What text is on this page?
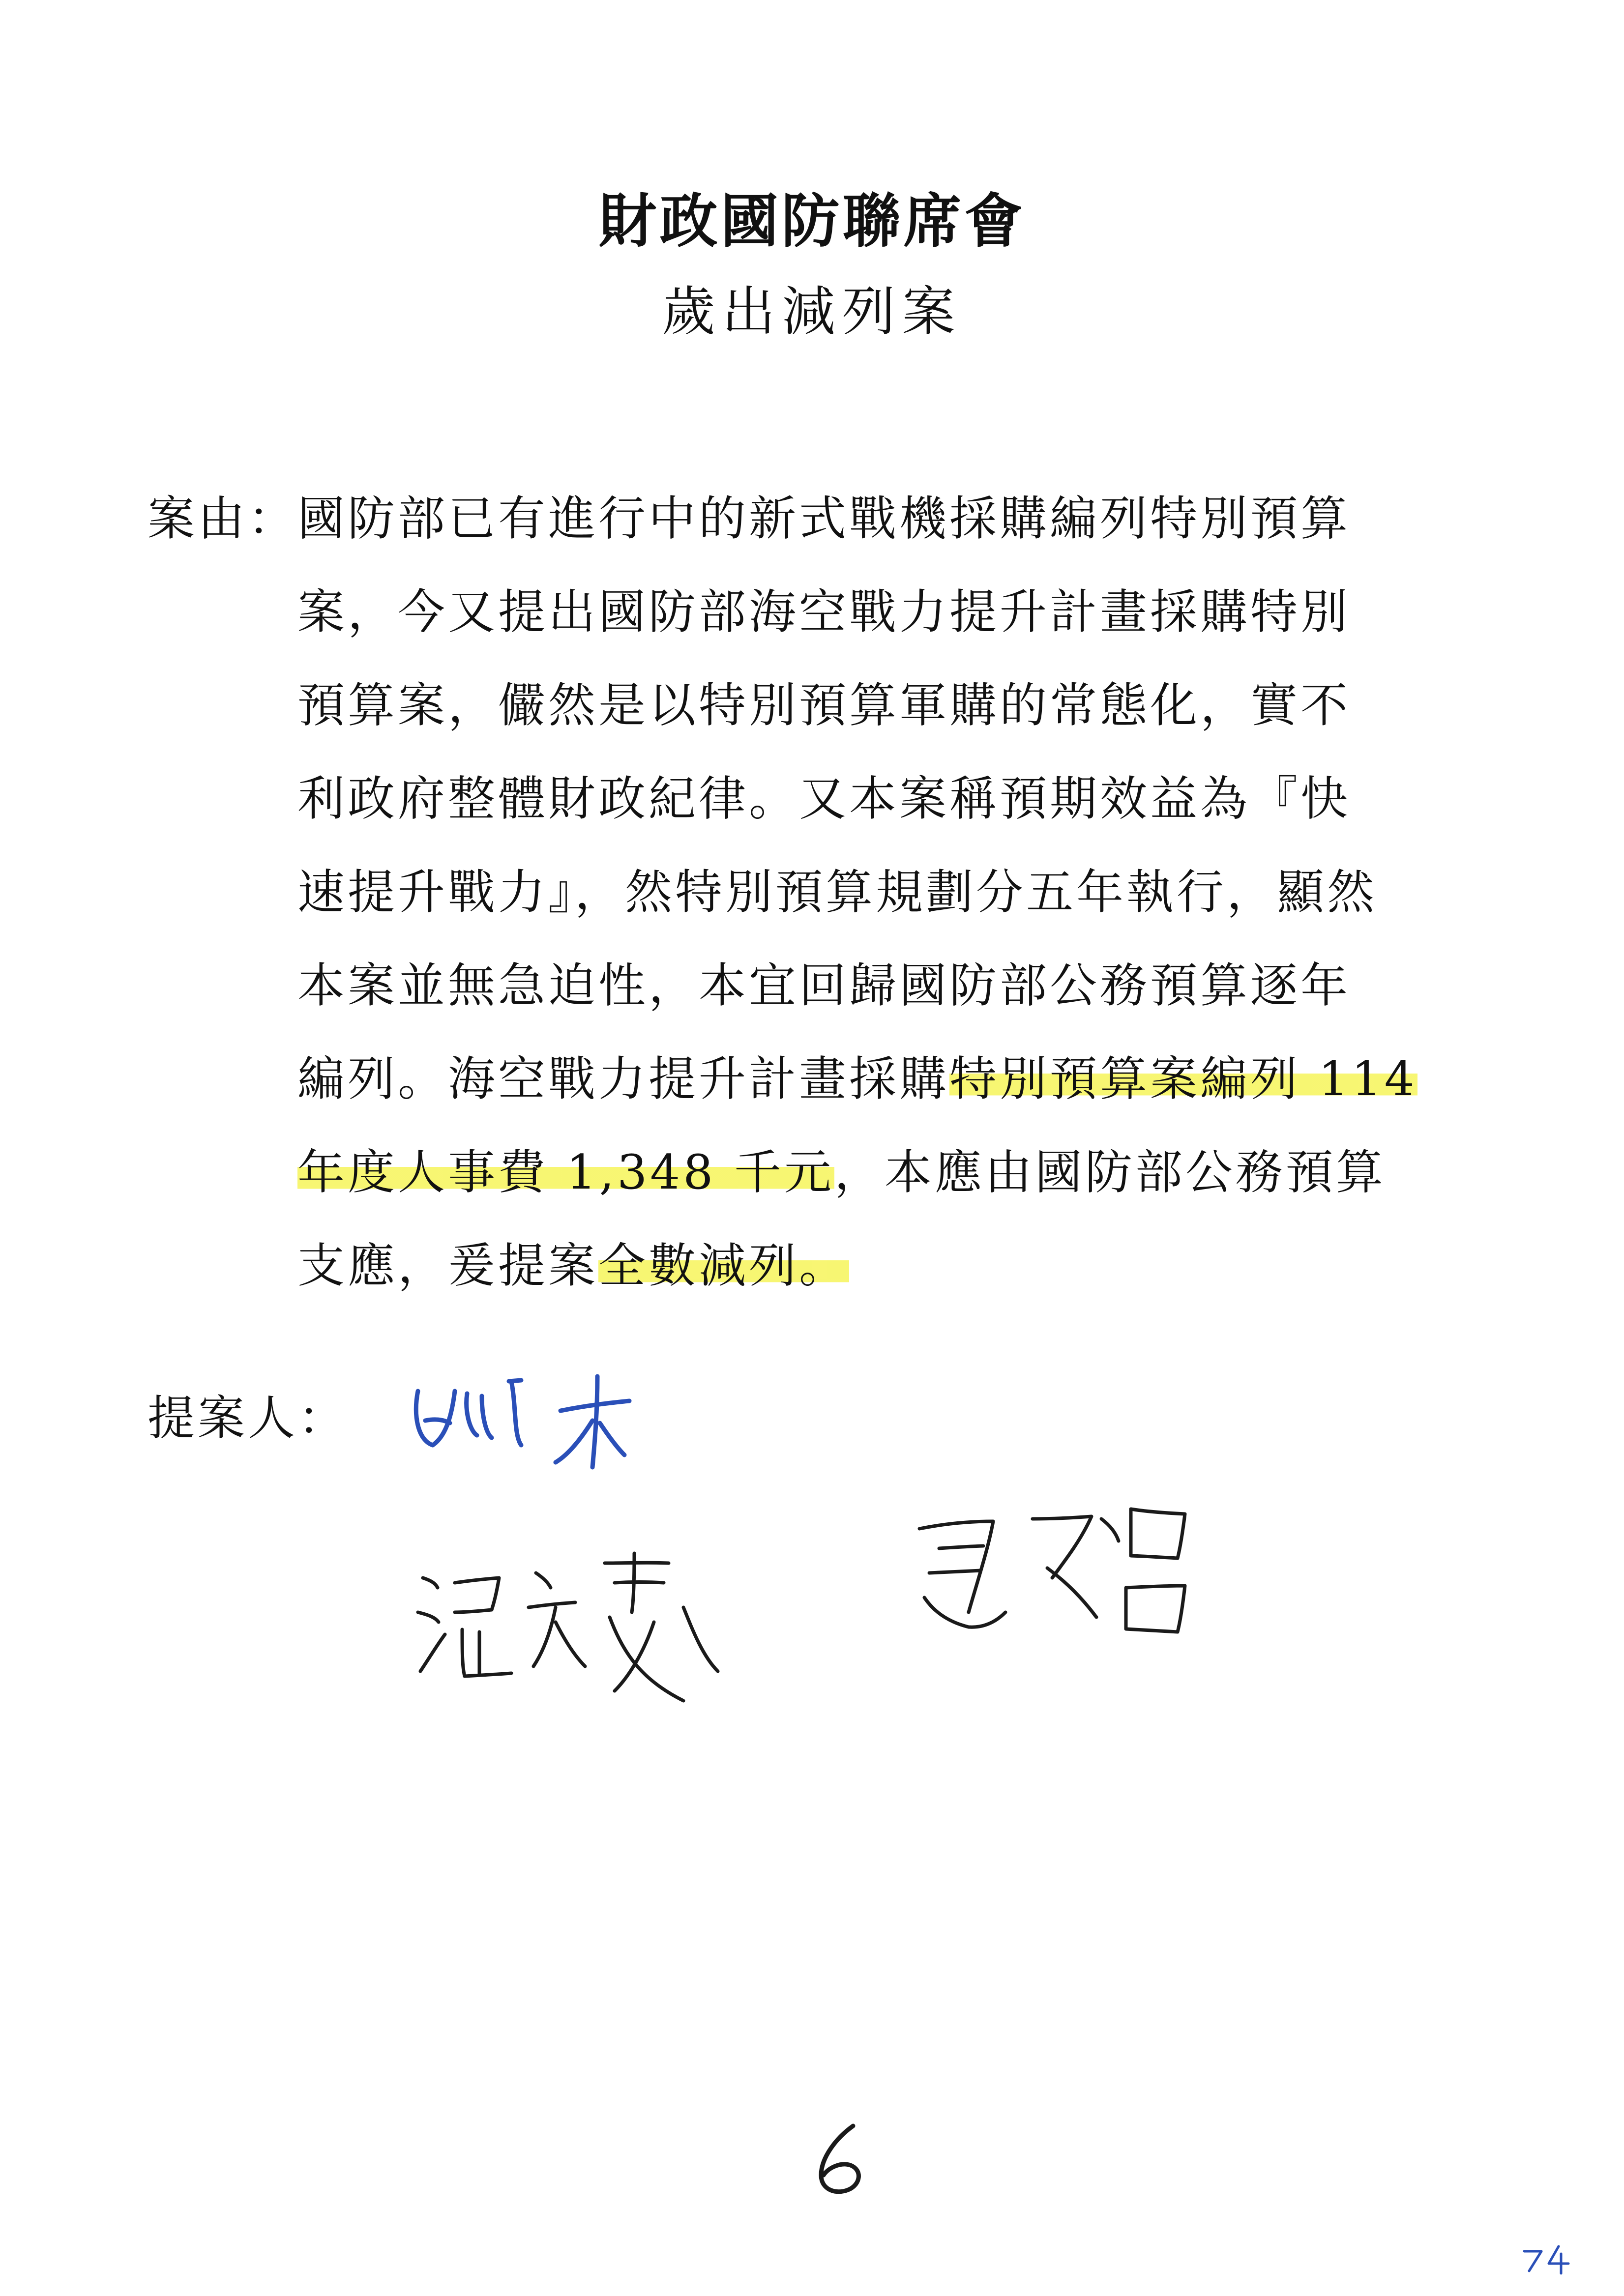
財政國防聯席會
歲出減列案
案由： 國防部已有進行中的新式戰機採購編列特別預算
案，今又提出國防部海空戰力提升計畫採購特別
預算案，儼然是以特別預算軍購的常態化，實不
利政府整體財政紀律。又本案稱預期效益為『快
速提升戰力』，然特別預算規劃分五年執行，顯然
本案並無急迫性，本宜回歸國防部公務預算逐年
編列。海空戰力提升計畫採購特別預算案編列 114
年度人事費 1,348 千元，本應由國防部公務預算
支應，爰提案全數減列。
提案人：
